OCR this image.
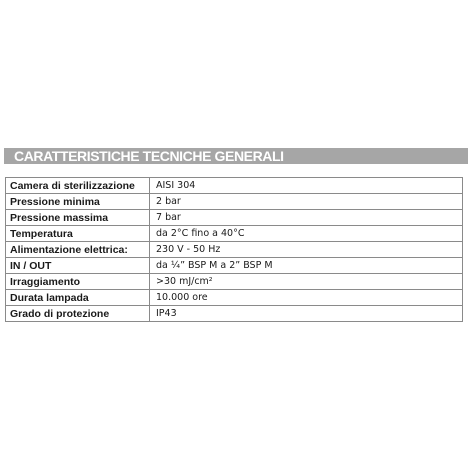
CARATTERISTICHE TECNICHE GENERALI
Camera di sterilizzazione	AISI 304
Pressione minima	2 bar
Pressione massima	7 bar
Temperatura	da 2°C fino a 40°C
Alimentazione elettrica:	230 V - 50 Hz
IN / OUT	da ¼” BSP M a 2” BSP M
Irraggiamento	>30 mJ/cm²
Durata lampada	10.000 ore
Grado di protezione	IP43
